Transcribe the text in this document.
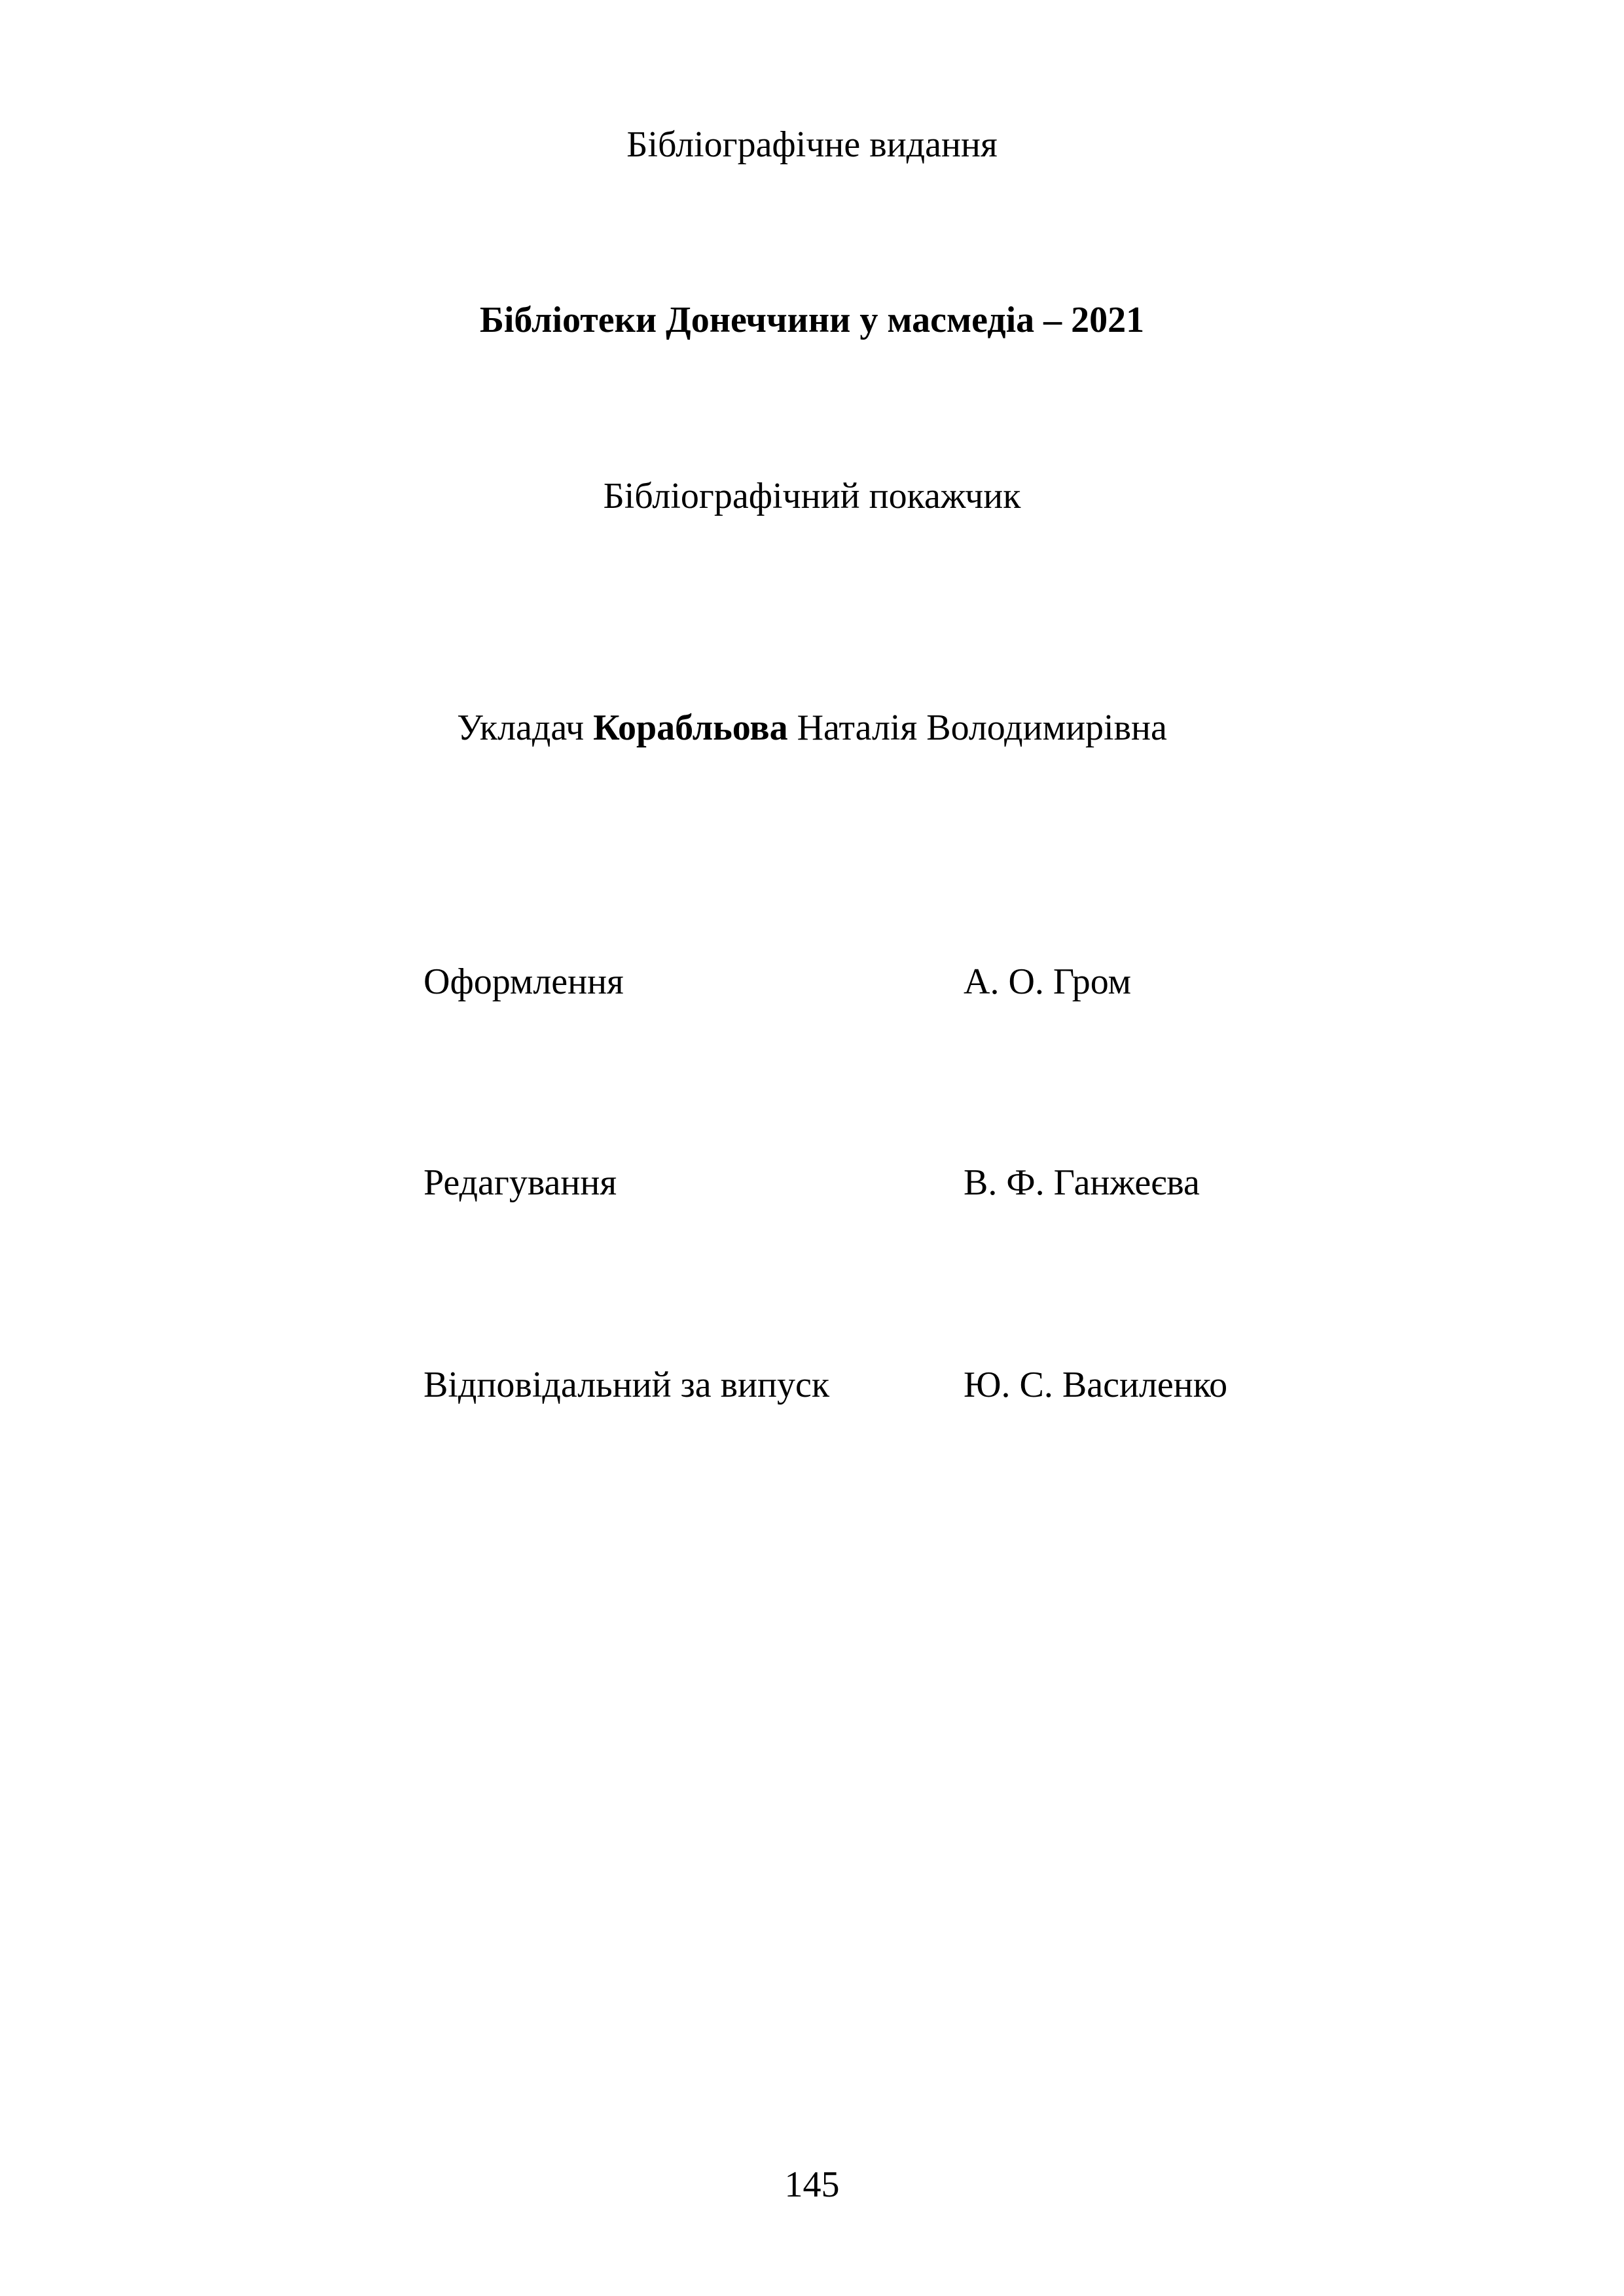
Бібліографічне видання
Бібліотеки Донеччини у масмедіа – 2021
Бібліографічний покажчик
Укладач Корабльова Наталія Володимирівна
Оформлення	А. О. Гром
Редагування	В. Ф. Ганжеєва
Відповідальний за випуск	Ю. С. Василенко
145
